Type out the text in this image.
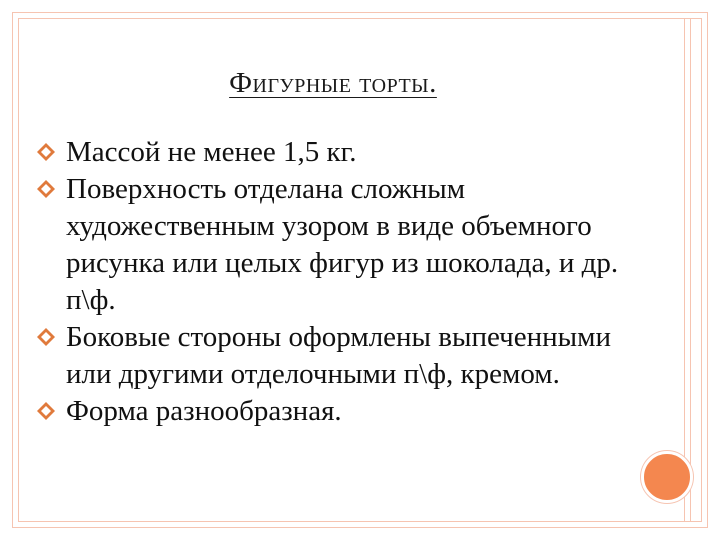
Фигурные торты.
Массой не менее 1,5 кг.
Поверхность отделана сложным художественным узором в виде объемного рисунка или целых фигур из шоколада, и др. п\ф.
Боковые стороны оформлены выпеченными или другими отделочными п\ф, кремом.
Форма разнообразная.
